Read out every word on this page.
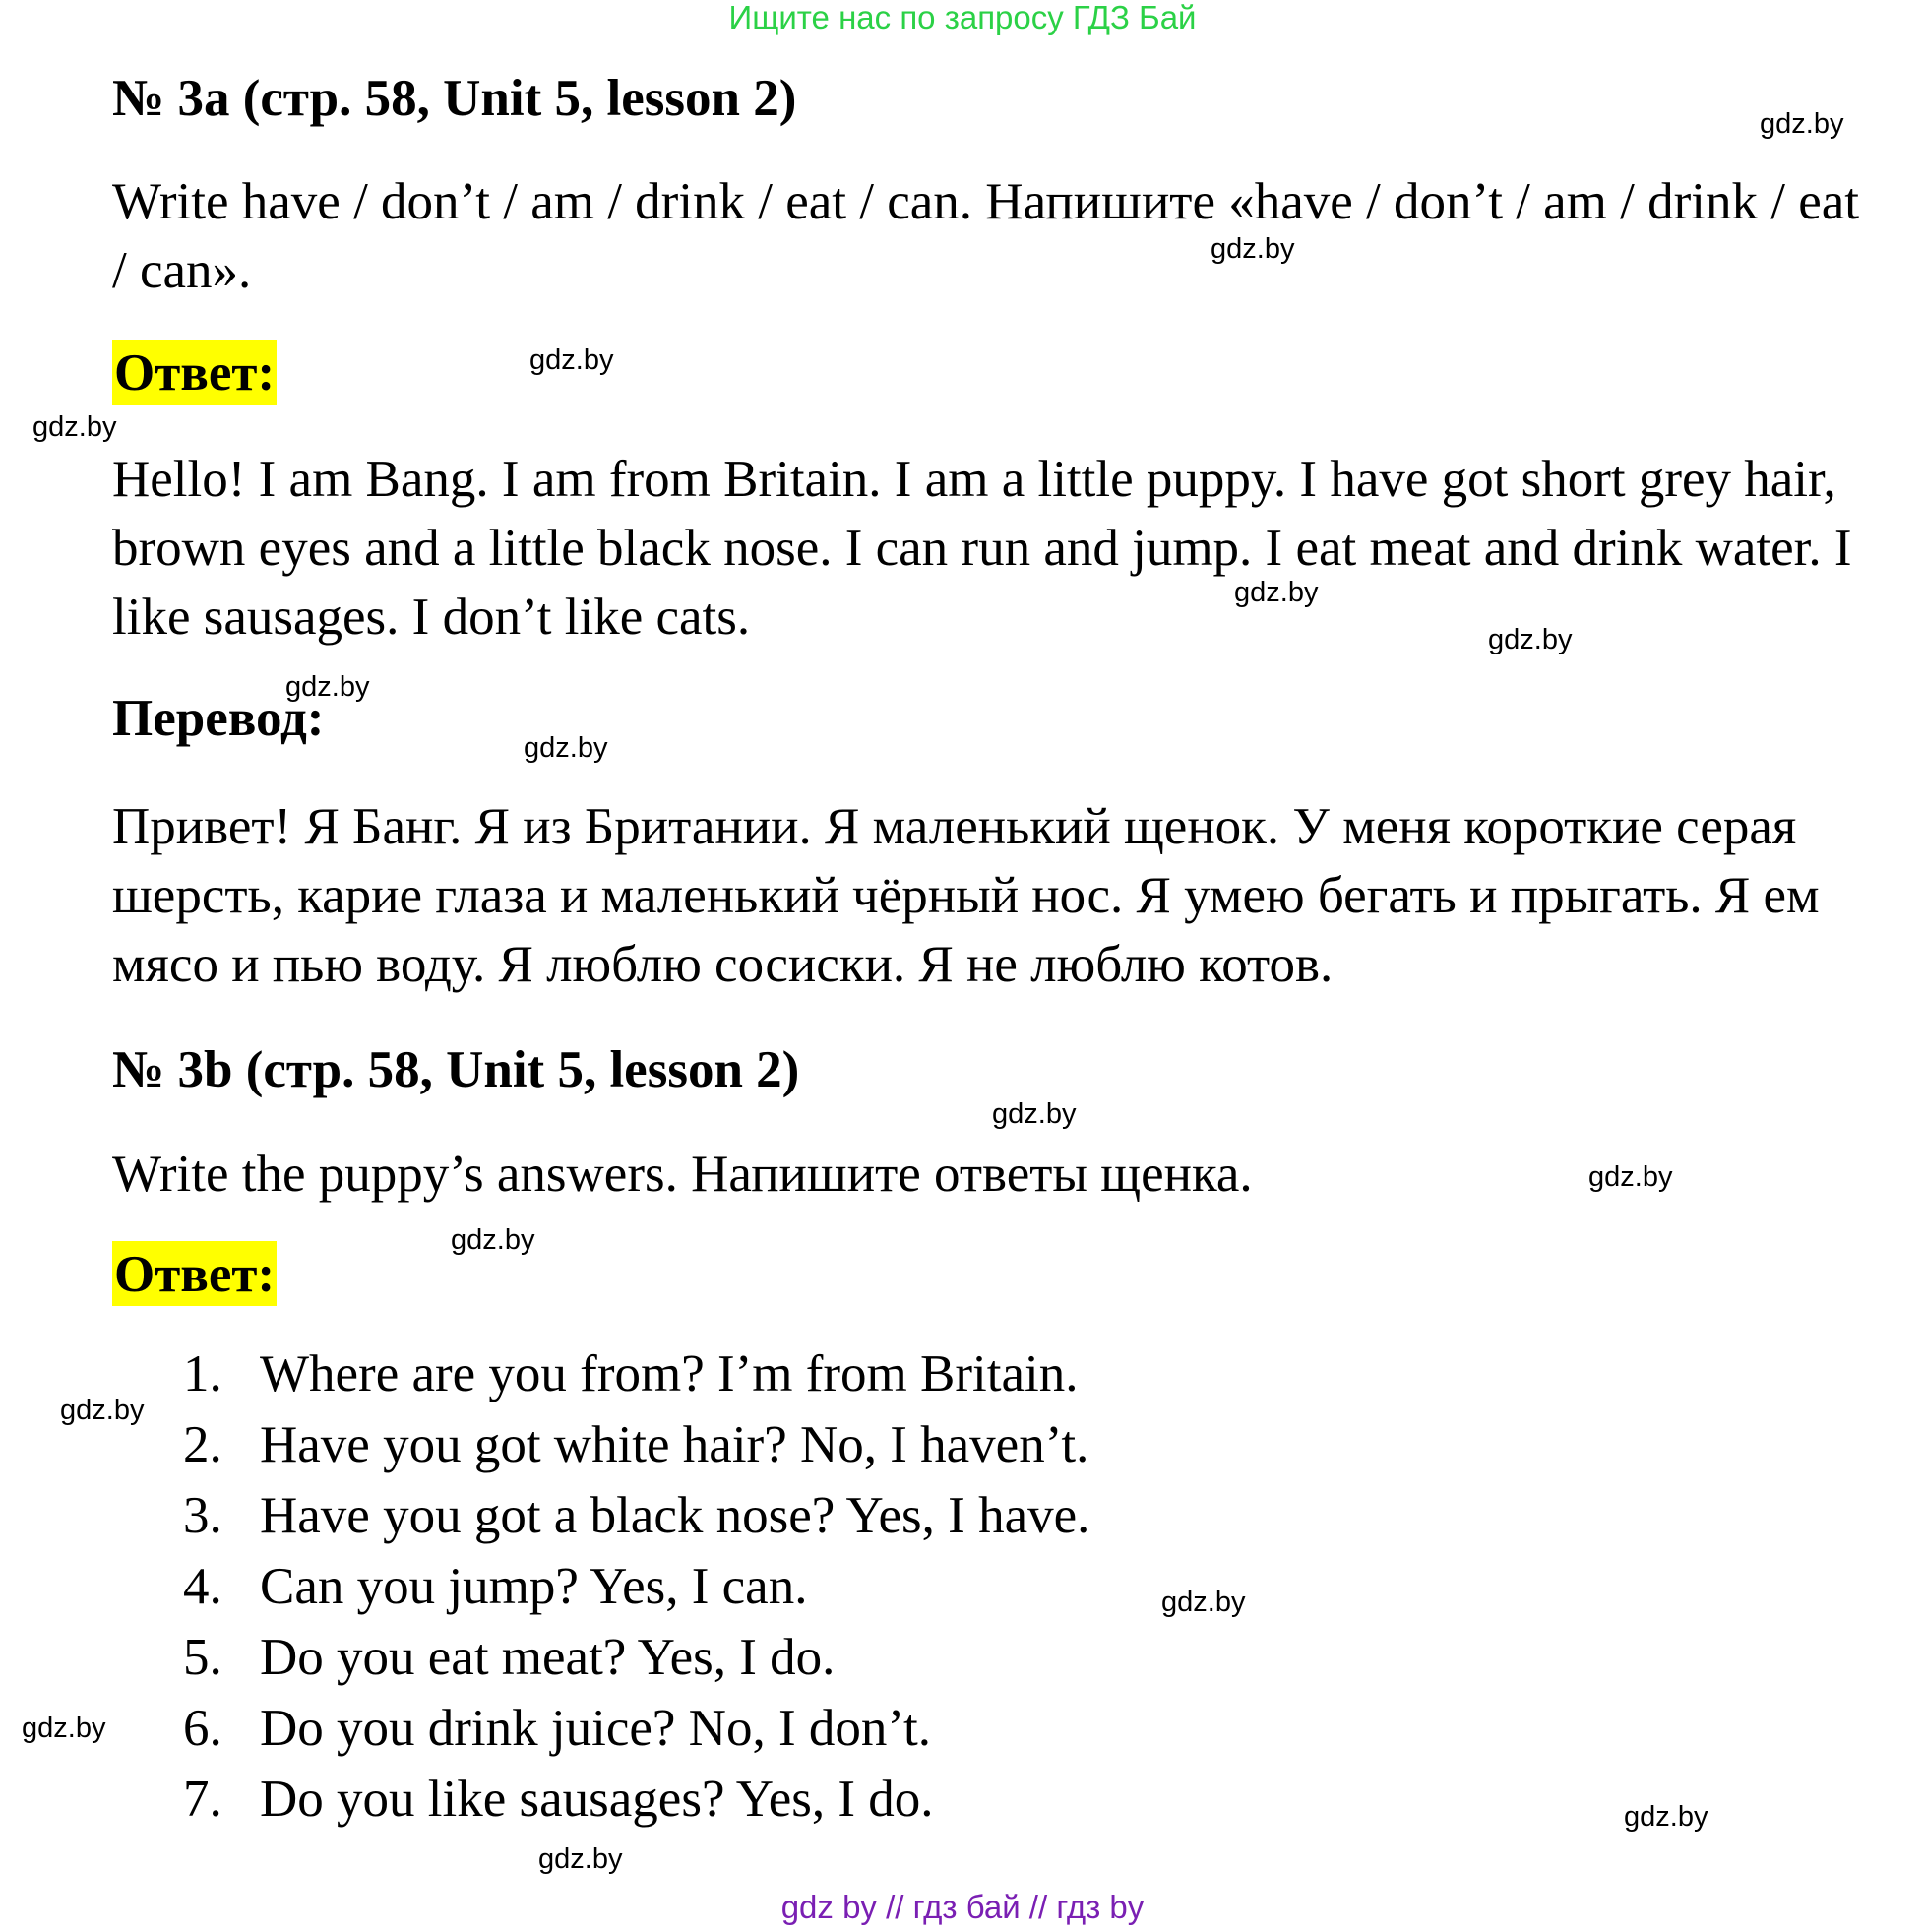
Ищите нас по запросу ГДЗ Бай
№ 3a (стр. 58, Unit 5, lesson 2)
Write have / don’t / am / drink / eat / can. Напишите «have / don’t / am / drink / eat / can».
Ответ:
Hello! I am Bang. I am from Britain. I am a little puppy. I have got short grey hair, brown eyes and a little black nose. I can run and jump. I eat meat and drink water. I like sausages. I don’t like cats.
Перевод:
Привет! Я Банг. Я из Британии. Я маленький щенок. У меня короткие серая шерсть, карие глаза и маленький чёрный нос. Я умею бегать и прыгать. Я ем мясо и пью воду. Я люблю сосиски. Я не люблю котов.
№ 3b (стр. 58, Unit 5, lesson 2)
Write the puppy’s answers. Напишите ответы щенка.
Ответ:
1. Where are you from? I’m from Britain.
2. Have you got white hair? No, I haven’t.
3. Have you got a black nose? Yes, I have.
4. Can you jump? Yes, I can.
5. Do you eat meat? Yes, I do.
6. Do you drink juice? No, I don’t.
7. Do you like sausages? Yes, I do.
gdz.by
gdz.by
gdz.by
gdz.by
gdz.by
gdz.by
gdz.by
gdz.by
gdz.by
gdz.by
gdz.by
gdz.by
gdz.by
gdz.by
gdz.by
gdz.by
gdz by // гдз бай // гдз by
